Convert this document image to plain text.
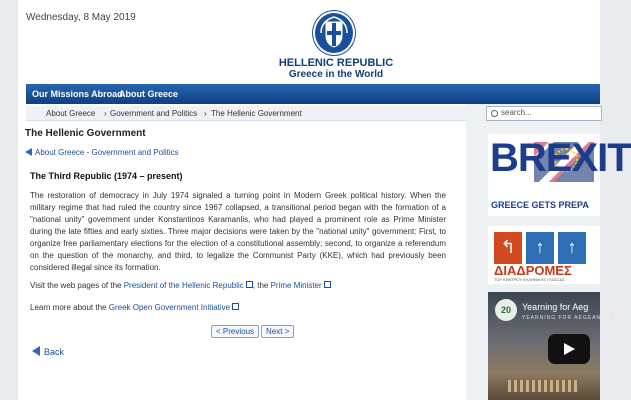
Wednesday, 8 May 2019
HELLENIC REPUBLIC
Greece in the World
Our Missions Abroad
About Greece
About Greece › Government and Politics › The Hellenic Government
The Hellenic Government
About Greece - Government and Politics
The Third Republic (1974 – present)
The restoration of democracy in July 1974 signaled a turning point in Modern Greek political history. When the military regime that had ruled the country since 1967 collapsed, a transitional period began with the formation of a "national unity" government under Konstantinos Karamanlis, who had played a prominent role as Prime Minister during the late fifties and early sixties. Three major decisions were taken by the "national unity" government: First, to organize free parliamentary elections for the election of a constitutional assembly; second, to organize a referendum on the question of the monarchy, and third, to legalize the Communist Party (KKE), which had previously been considered illegal since its formation.
Visit the web pages of the President of the Hellenic Republic , the Prime Minister
Learn more about the Greek Open Government Initiative
< Previous Next >
Back
search...
BREXIT
GREECE GETS PREPA
↰	↑	↑
ΔΙΑΔΡΟΜΕΣ
ΤΟΥ ΚΕΝΤΡΟΥ ΕΛΛΗΝΙΚΗΣ ΓΛΩΣΣΑΣ
20	Yearning for Aeg
YEARNING FOR AEGEAN LIG
